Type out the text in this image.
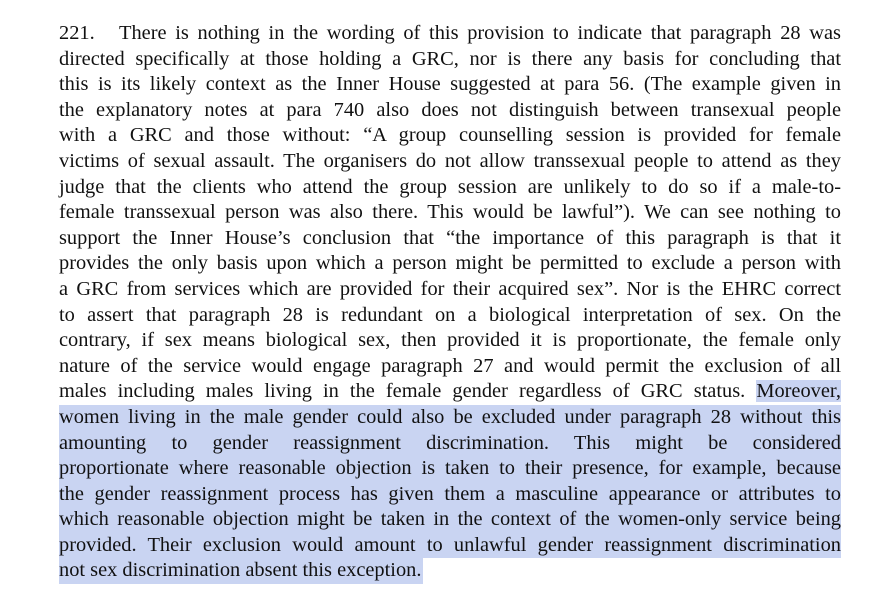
221. There is nothing in the wording of this provision to indicate that paragraph 28 was
directed specifically at those holding a GRC, nor is there any basis for concluding that
this is its likely context as the Inner House suggested at para 56. (The example given in
the explanatory notes at para 740 also does not distinguish between transexual people
with a GRC and those without: “A group counselling session is provided for female
victims of sexual assault. The organisers do not allow transsexual people to attend as they
judge that the clients who attend the group session are unlikely to do so if a male-to-
female transsexual person was also there. This would be lawful”). We can see nothing to
support the Inner House’s conclusion that “the importance of this paragraph is that it
provides the only basis upon which a person might be permitted to exclude a person with
a GRC from services which are provided for their acquired sex”. Nor is the EHRC correct
to assert that paragraph 28 is redundant on a biological interpretation of sex. On the
contrary, if sex means biological sex, then provided it is proportionate, the female only
nature of the service would engage paragraph 27 and would permit the exclusion of all
males including males living in the female gender regardless of GRC status. Moreover,
women living in the male gender could also be excluded under paragraph 28 without this
amounting to gender reassignment discrimination. This might be considered
proportionate where reasonable objection is taken to their presence, for example, because
the gender reassignment process has given them a masculine appearance or attributes to
which reasonable objection might be taken in the context of the women-only service being
provided. Their exclusion would amount to unlawful gender reassignment discrimination
not sex discrimination absent this exception.
